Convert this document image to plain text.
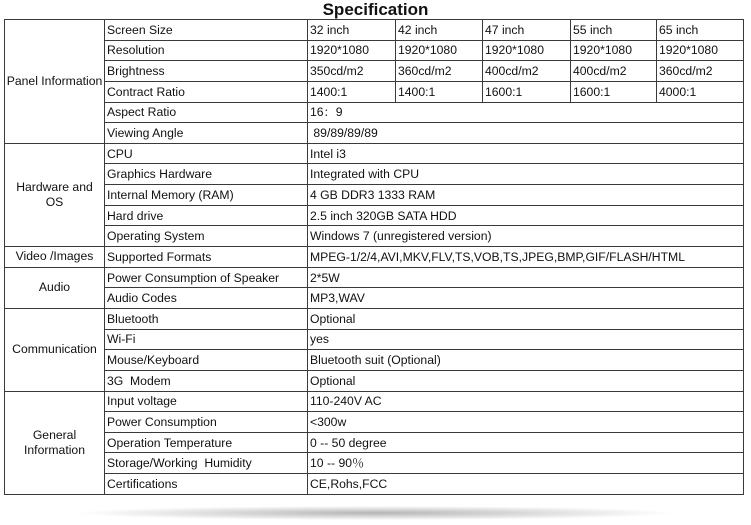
Specification
Panel Information	Screen Size	32 inch	42 inch	47 inch	55 inch	65 inch
	Resolution	1920*1080	1920*1080	1920*1080	1920*1080	1920*1080
	Brightness	350cd/m2	360cd/m2	400cd/m2	400cd/m2	360cd/m2
	Contract Ratio	1400:1	1400:1	1600:1	1600:1	4000:1
	Aspect Ratio	16：9				
	Viewing Angle	89/89/89/89				
Hardware and OS	CPU	Intel i3				
	Graphics Hardware	Integrated with CPU				
	Internal Memory (RAM)	4 GB DDR3 1333 RAM				
	Hard drive	2.5 inch 320GB SATA HDD				
	Operating System	Windows 7 (unregistered version)				
Video /Images	Supported Formats	MPEG-1/2/4,AVI,MKV,FLV,TS,VOB,TS,JPEG,BMP,GIF/FLASH/HTML				
Audio	Power Consumption of Speaker	2*5W				
	Audio Codes	MP3,WAV				
Communication	Bluetooth	Optional				
	Wi-Fi	yes				
	Mouse/Keyboard	Bluetooth suit (Optional)				
	3G  Modem	Optional				
General Information	Input voltage	110-240V AC				
	Power Consumption	<300w				
	Operation Temperature	0 -- 50 degree				
	Storage/Working  Humidity	10 -- 90％				
	Certifications	CE,Rohs,FCC				
